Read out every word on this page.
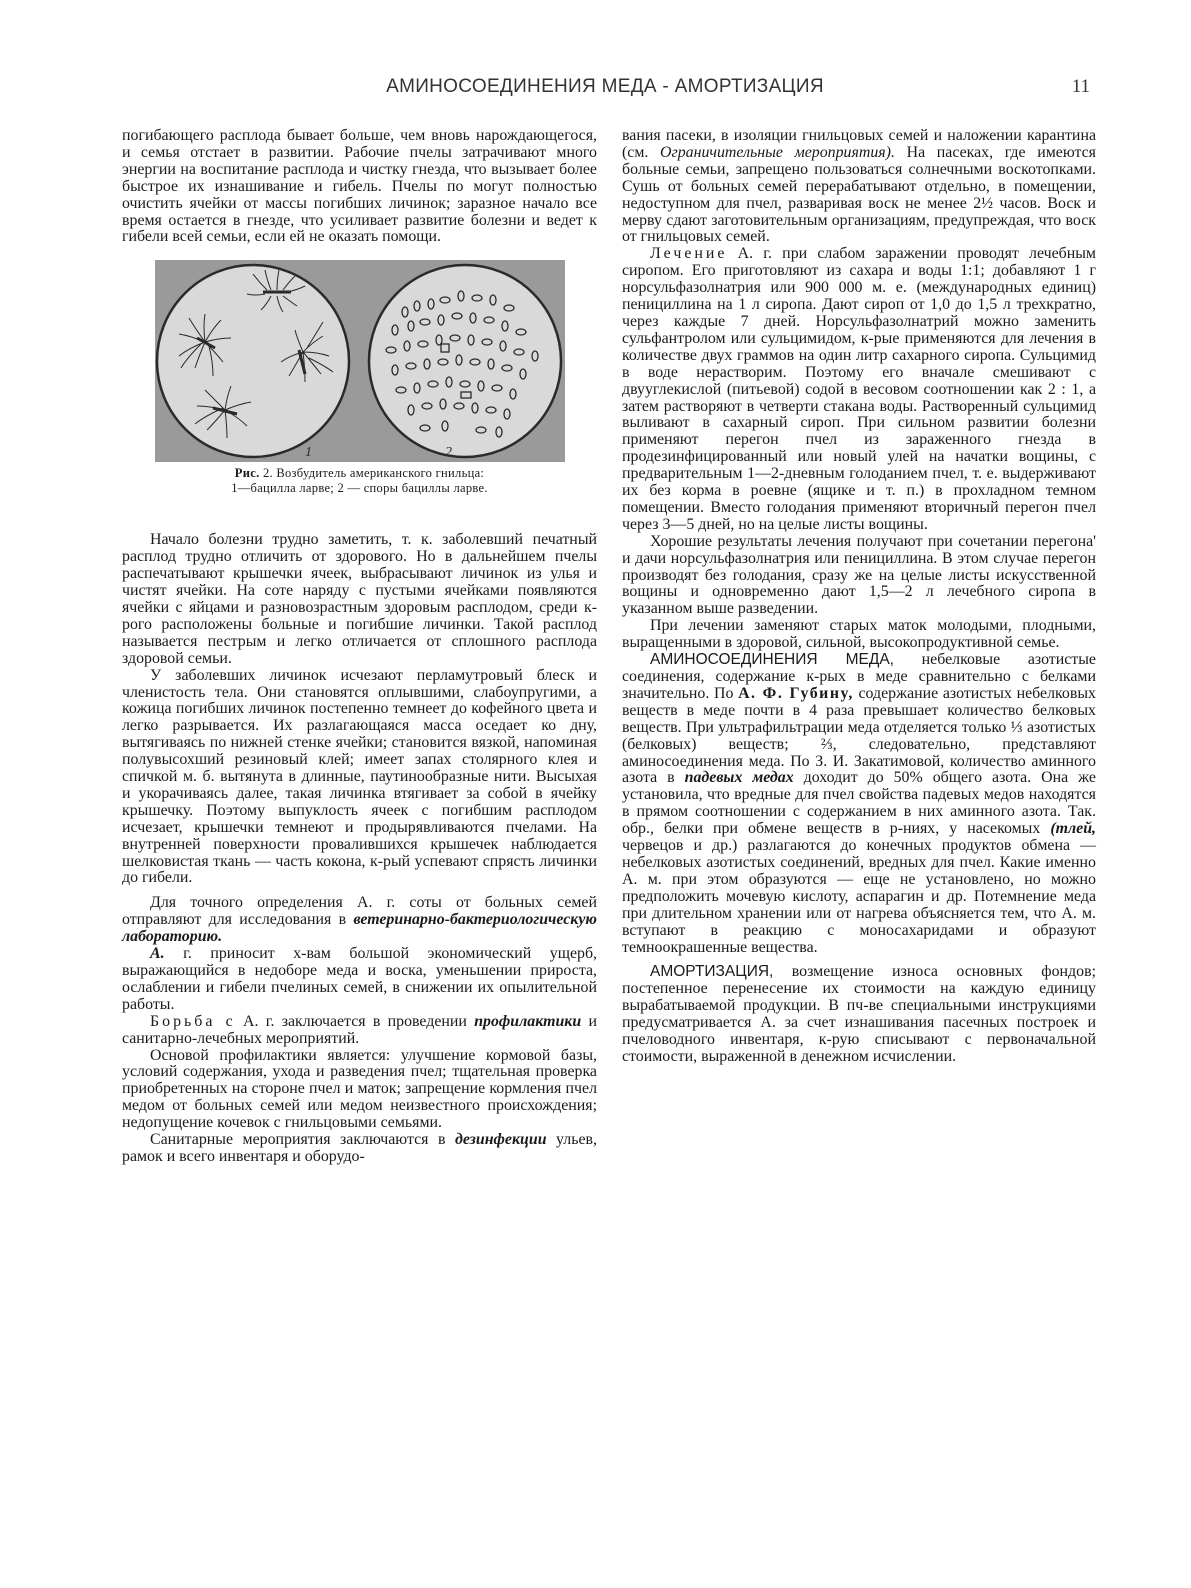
АМИНОСОЕДИНЕНИЯ МЕДА - АМОРТИЗАЦИЯ	11

погибающего расплода бывает больше, чем вновь нарождающегося, и семья отстает в развитии. Рабочие пчелы затрачивают много энергии на воспитание расплода и чистку гнезда, что вызывает более быстрое их изнашивание и гибель. Пчелы по могут полностью очистить ячейки от массы погибших личинок; заразное начало все время остается в гнезде, что усиливает развитие болезни и ведет к гибели всей семьи, если ей не оказать помощи.

1	2
Рис. 2. Возбудитель американского гнильца:
1—бацилла ларве; 2 — споры бациллы ларве.

Начало болезни трудно заметить, т. к. заболевший печатный расплод трудно отличить от здорового. Но в дальнейшем пчелы распечатывают крышечки ячеек, выбрасывают личинок из улья и чистят ячейки. На соте наряду с пустыми ячейками появляются ячейки с яйцами и разновозрастным здоровым расплодом, среди к-рого расположены больные и погибшие личинки. Такой расплод называется пестрым и легко отличается от сплошного расплода здоровой семьи.

У заболевших личинок исчезают перламутровый блеск и членистость тела. Они становятся оплывшими, слабоупругими, а кожица погибших личинок постепенно темнеет до кофейного цвета и легко разрывается. Их разлагающаяся масса оседает ко дну, вытягиваясь по нижней стенке ячейки; становится вязкой, напоминая полувысохший резиновый клей; имеет запах столярного клея и спичкой м. б. вытянута в длинные, паутинообразные нити. Высыхая и укорачиваясь далее, такая личинка втягивает за собой в ячейку крышечку. Поэтому выпуклость ячеек с погибшим расплодом исчезает, крышечки темнеют и продырявливаются пчелами. На внутренней поверхности провалившихся крышечек наблюдается шелковистая ткань — часть кокона, к-рый успевают спрясть личинки до гибели.

Для точного определения А. г. соты от больных семей отправляют для исследования в ветеринарно-бактериологическую лабораторию.

А. г. приносит х-вам большой экономический ущерб, выражающийся в недоборе меда и воска, уменьшении прироста, ослаблении и гибели пчелиных семей, в снижении их опылительной работы.

Борьба с А. г. заключается в проведении профилактики и санитарно-лечебных мероприятий.

Основой профилактики является: улучшение кормовой базы, условий содержания, ухода и разведения пчел; тщательная проверка приобретенных на стороне пчел и маток; запрещение кормления пчел медом от больных семей или медом неизвестного происхождения; недопущение кочевок с гнильцовыми семьями.

Санитарные мероприятия заключаются в дезинфекции ульев, рамок и всего инвентаря и оборудо-

вания пасеки, в изоляции гнильцовых семей и наложении карантина (см. Ограничительные мероприятия). На пасеках, где имеются больные семьи, запрещено пользоваться солнечными воскотопками. Сушь от больных семей перерабатывают отдельно, в помещении, недоступном для пчел, разваривая воск не менее 2½ часов. Воск и мерву сдают заготовительным организациям, предупреждая, что воск от гнильцовых семей.

Лечение А. г. при слабом заражении проводят лечебным сиропом. Его приготовляют из сахара и воды 1:1; добавляют 1 г норсульфазолнатрия или 900 000 м. е. (международных единиц) пенициллина на 1 л сиропа. Дают сироп от 1,0 до 1,5 л трехкратно, через каждые 7 дней. Норсульфазолнатрий можно заменить сульфантролом или сульцимидом, к-рые применяются для лечения в количестве двух граммов на один литр сахарного сиропа. Сульцимид в воде нерастворим. Поэтому его вначале смешивают с двууглекислой (питьевой) содой в весовом соотношении как 2 : 1, а затем растворяют в четверти стакана воды. Растворенный сульцимид выливают в сахарный сироп. При сильном развитии болезни применяют перегон пчел из зараженного гнезда в продезинфицированный или новый улей на начатки вощины, с предварительным 1—2-дневным голоданием пчел, т. е. выдерживают их без корма в роевне (ящике и т. п.) в прохладном темном помещении. Вместо голодания применяют вторичный перегон пчел через 3—5 дней, но на целые листы вощины.

Хорошие результаты лечения получают при сочетании перегона' и дачи норсульфазолнатрия или пенициллина. В этом случае перегон производят без голодания, сразу же на целые листы искусственной вощины и одновременно дают 1,5—2 л лечебного сиропа в указанном выше разведении.

При лечении заменяют старых маток молодыми, плодными, выращенными в здоровой, сильной, высокопродуктивной семье.

АМИНОСОЕДИНЕНИЯ МЕДА, небелковые азотистые соединения, содержание к-рых в меде сравнительно с белками значительно. По А. Ф. Губину, содержание азотистых небелковых веществ в меде почти в 4 раза превышает количество белковых веществ. При ультрафильтрации меда отделяется только ⅓ азотистых (белковых) веществ; ⅔, следовательно, представляют аминосоединения меда. По З. И. Закатимовой, количество аминного азота в падевых медах доходит до 50% общего азота. Она же установила, что вредные для пчел свойства падевых медов находятся в прямом соотношении с содержанием в них аминного азота. Так. обр., белки при обмене веществ в р-ниях, у насекомых (тлей, червецов и др.) разлагаются до конечных продуктов обмена — небелковых азотистых соединений, вредных для пчел. Какие именно А. м. при этом образуются — еще не установлено, но можно предположить мочевую кислоту, аспарагин и др. Потемнение меда при длительном хранении или от нагрева объясняется тем, что А. м. вступают в реакцию с моносахаридами и образуют темноокрашенные вещества.

АМОРТИЗАЦИЯ, возмещение износа основных фондов; постепенное перенесение их стоимости на каждую единицу вырабатываемой продукции. В пч-ве специальными инструкциями предусматривается А. за счет изнашивания пасечных построек и пчеловодного инвентаря, к-рую списывают с первоначальной стоимости, выраженной в денежном исчислении.
